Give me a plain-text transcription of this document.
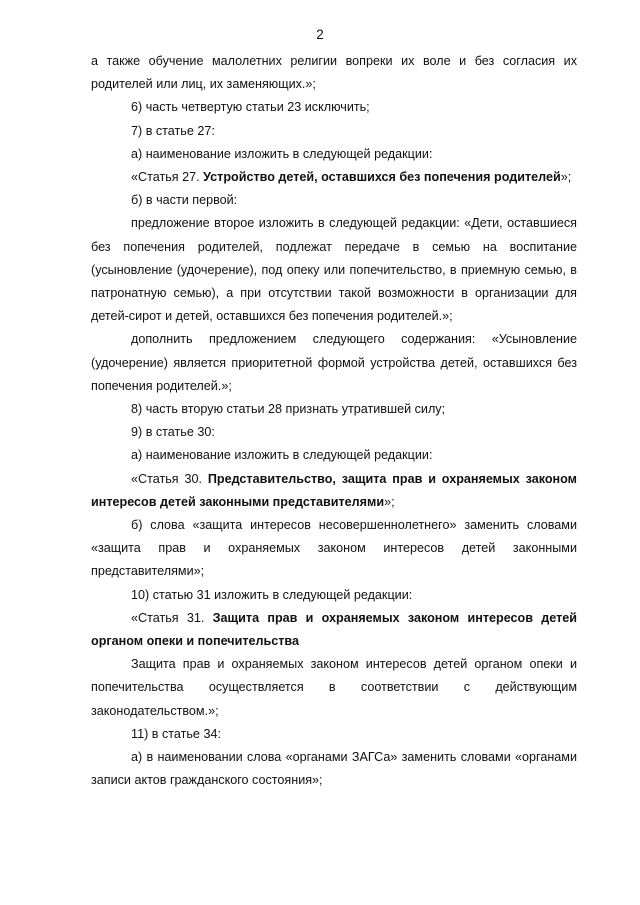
2

а также обучение малолетних религии вопреки их воле и без согласия их родителей или лиц, их заменяющих.»;

6) часть четвертую статьи 23 исключить;

7) в статье 27:

а) наименование изложить в следующей редакции:

«Статья 27. Устройство детей, оставшихся без попечения родителей»;

б) в части первой:

предложение второе изложить в следующей редакции: «Дети, оставшиеся без попечения родителей, подлежат передаче в семью на воспитание (усыновление (удочерение), под опеку или попечительство, в приемную семью, в патронатную семью), а при отсутствии такой возможности в организации для детей-сирот и детей, оставшихся без попечения родителей.»;

дополнить предложением следующего содержания: «Усыновление (удочерение) является приоритетной формой устройства детей, оставшихся без попечения родителей.»;

8) часть вторую статьи 28 признать утратившей силу;

9) в статье 30:

а) наименование изложить в следующей редакции:

«Статья 30. Представительство, защита прав и охраняемых законом интересов детей законными представителями»;

б) слова «защита интересов несовершеннолетнего» заменить словами «защита прав и охраняемых законом интересов детей законными представителями»;

10) статью 31 изложить в следующей редакции:

«Статья 31. Защита прав и охраняемых законом интересов детей органом опеки и попечительства

Защита прав и охраняемых законом интересов детей органом опеки и попечительства осуществляется в соответствии с действующим законодательством.»;

11) в статье 34:

а) в наименовании слова «органами ЗАГСа» заменить словами «органами записи актов гражданского состояния»;
